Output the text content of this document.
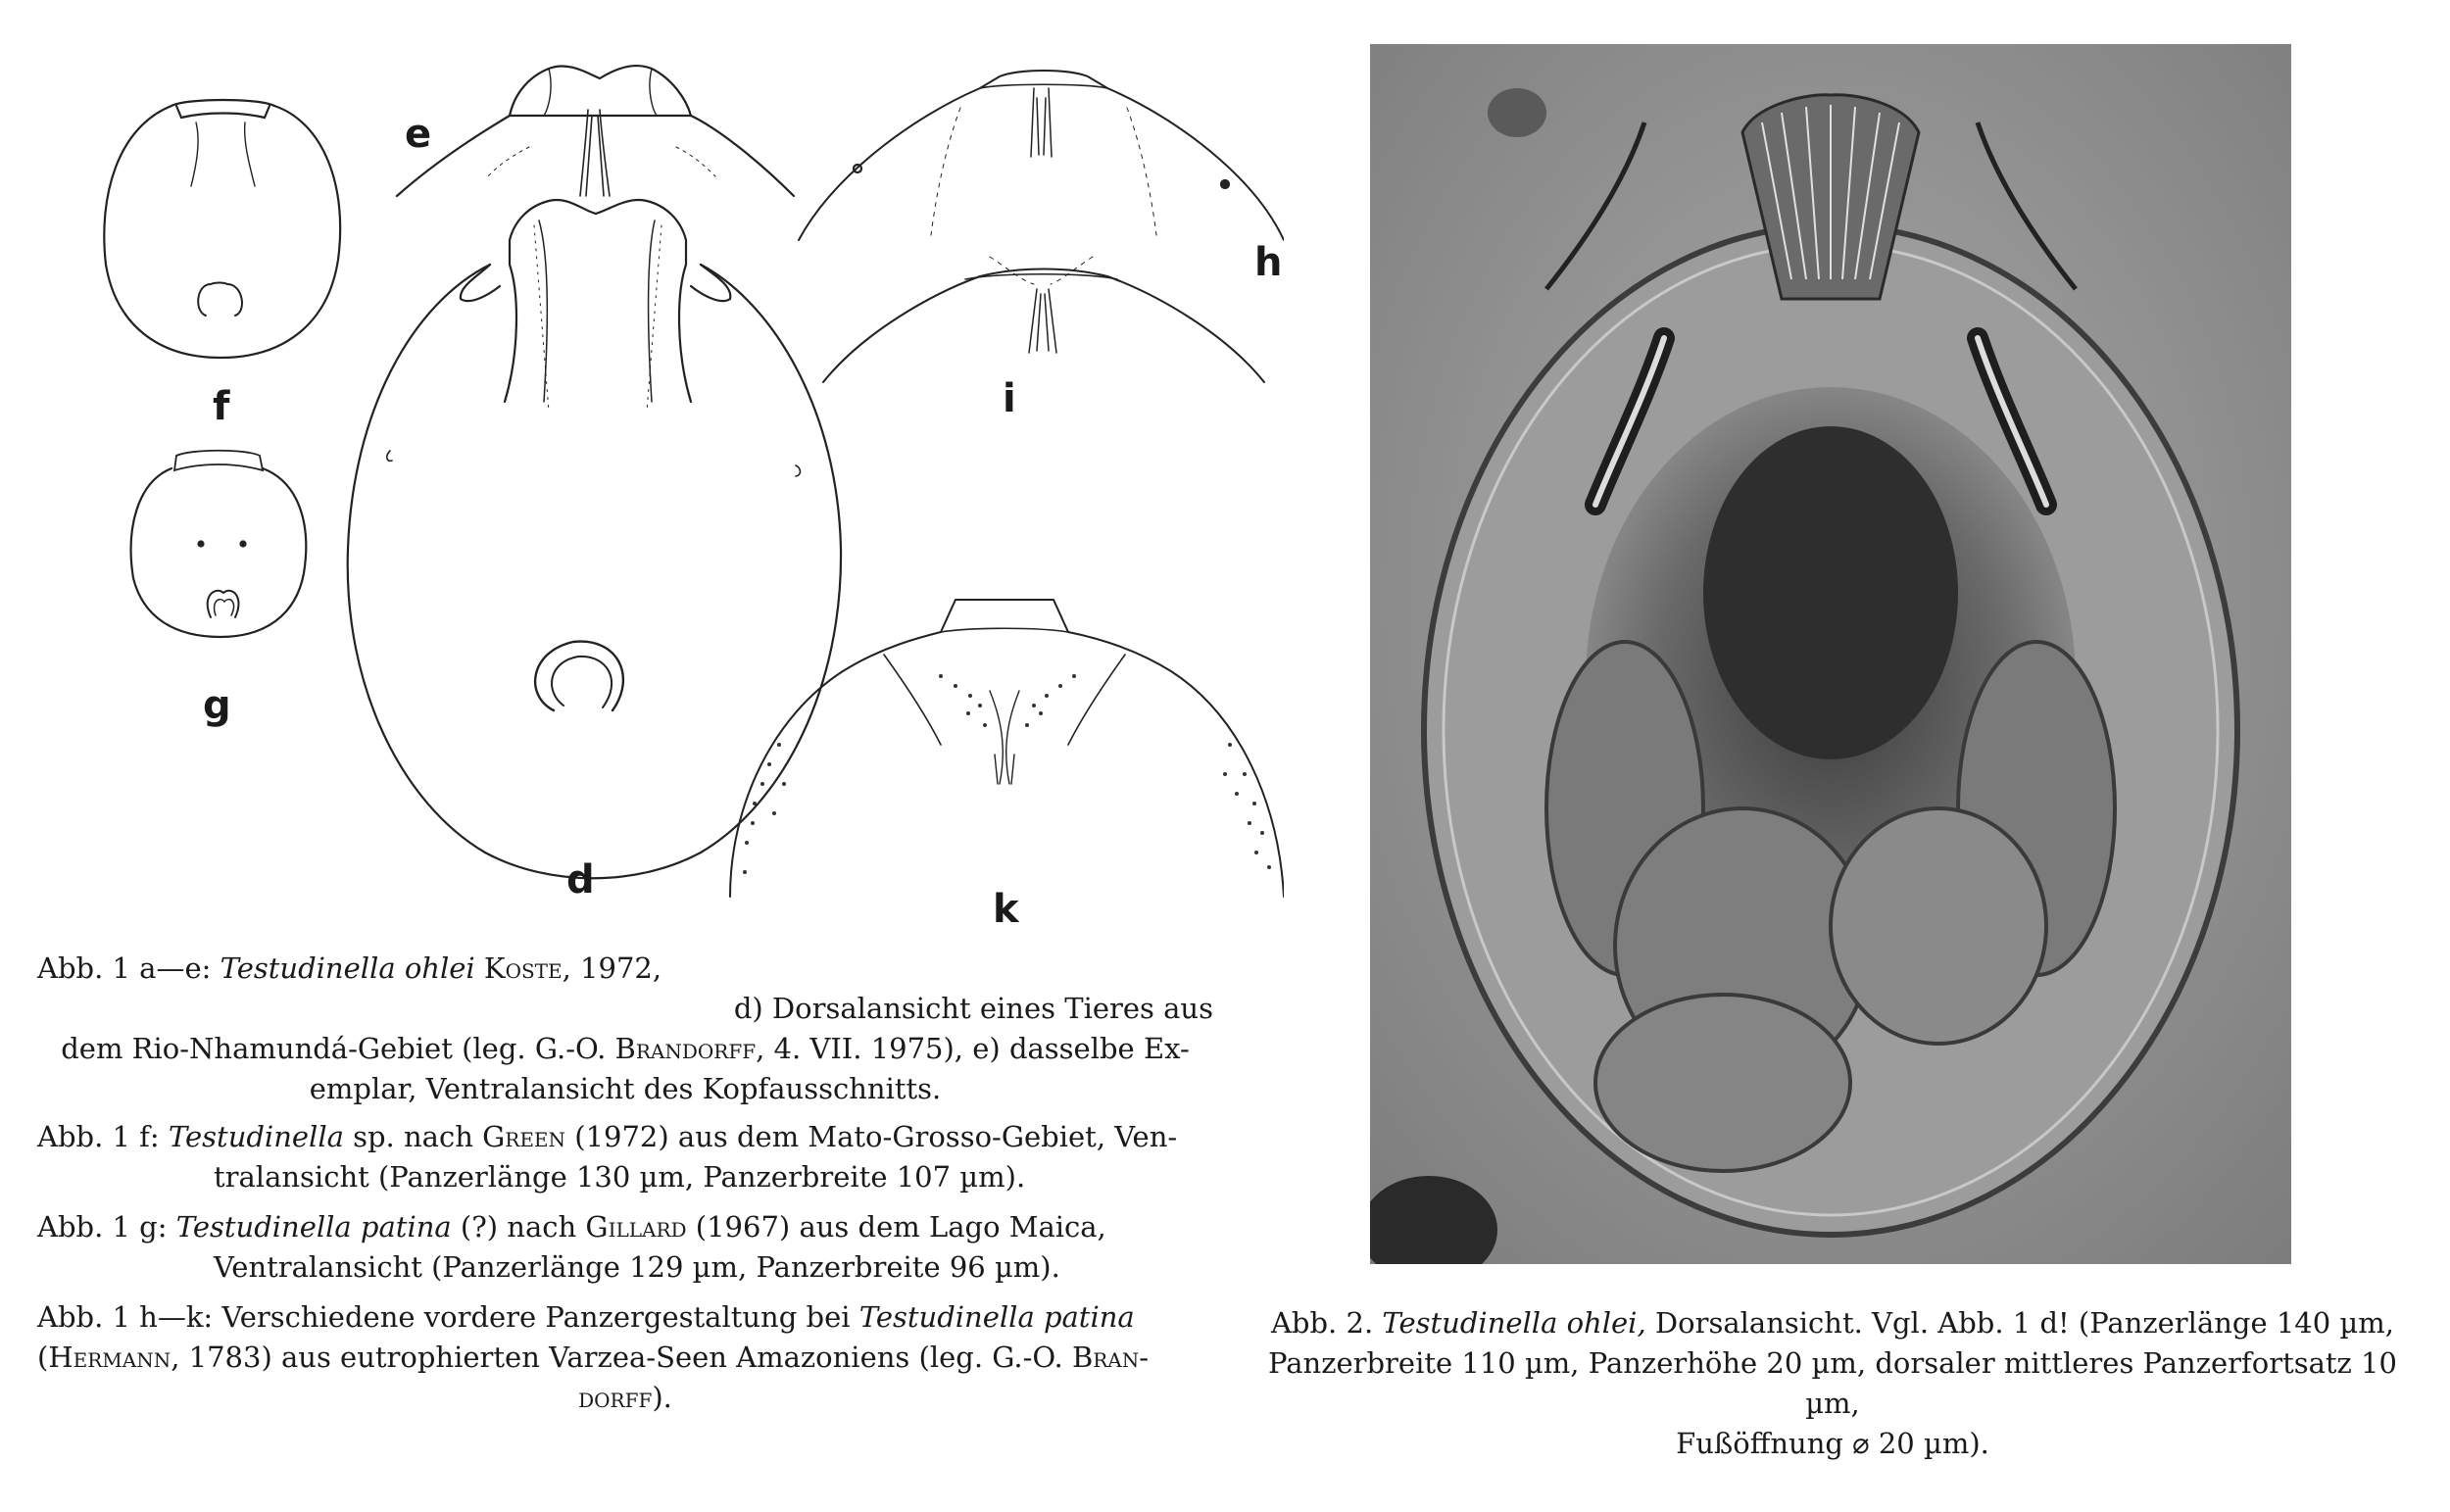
e
h
f	i
g
d
k
Abb. 1 a—e: Testudinella ohlei Koste, 1972,
d) Dorsalansicht eines Tieres aus
dem Rio-Nhamundá-Gebiet (leg. G.-O. Brandorff, 4. VII. 1975), e) dasselbe Ex-
emplar, Ventralansicht des Kopfausschnitts.
Abb. 1 f: Testudinella sp. nach Green (1972) aus dem Mato-Grosso-Gebiet, Ven-
tralansicht (Panzerlänge 130 µm, Panzerbreite 107 µm).
Abb. 1 g: Testudinella patina (?) nach Gillard (1967) aus dem Lago Maica,
Ventralansicht (Panzerlänge 129 µm, Panzerbreite 96 µm).
Abb. 1 h—k: Verschiedene vordere Panzergestaltung bei Testudinella patina
(Hermann, 1783) aus eutrophierten Varzea-Seen Amazoniens (leg. G.-O. Bran-
dorff).
Abb. 2. Testudinella ohlei, Dorsalansicht. Vgl. Abb. 1 d! (Panzerlänge 140 µm,
Panzerbreite 110 µm, Panzerhöhe 20 µm, dorsaler mittleres Panzerfortsatz 10 µm,
Fußöffnung ⌀ 20 µm).
